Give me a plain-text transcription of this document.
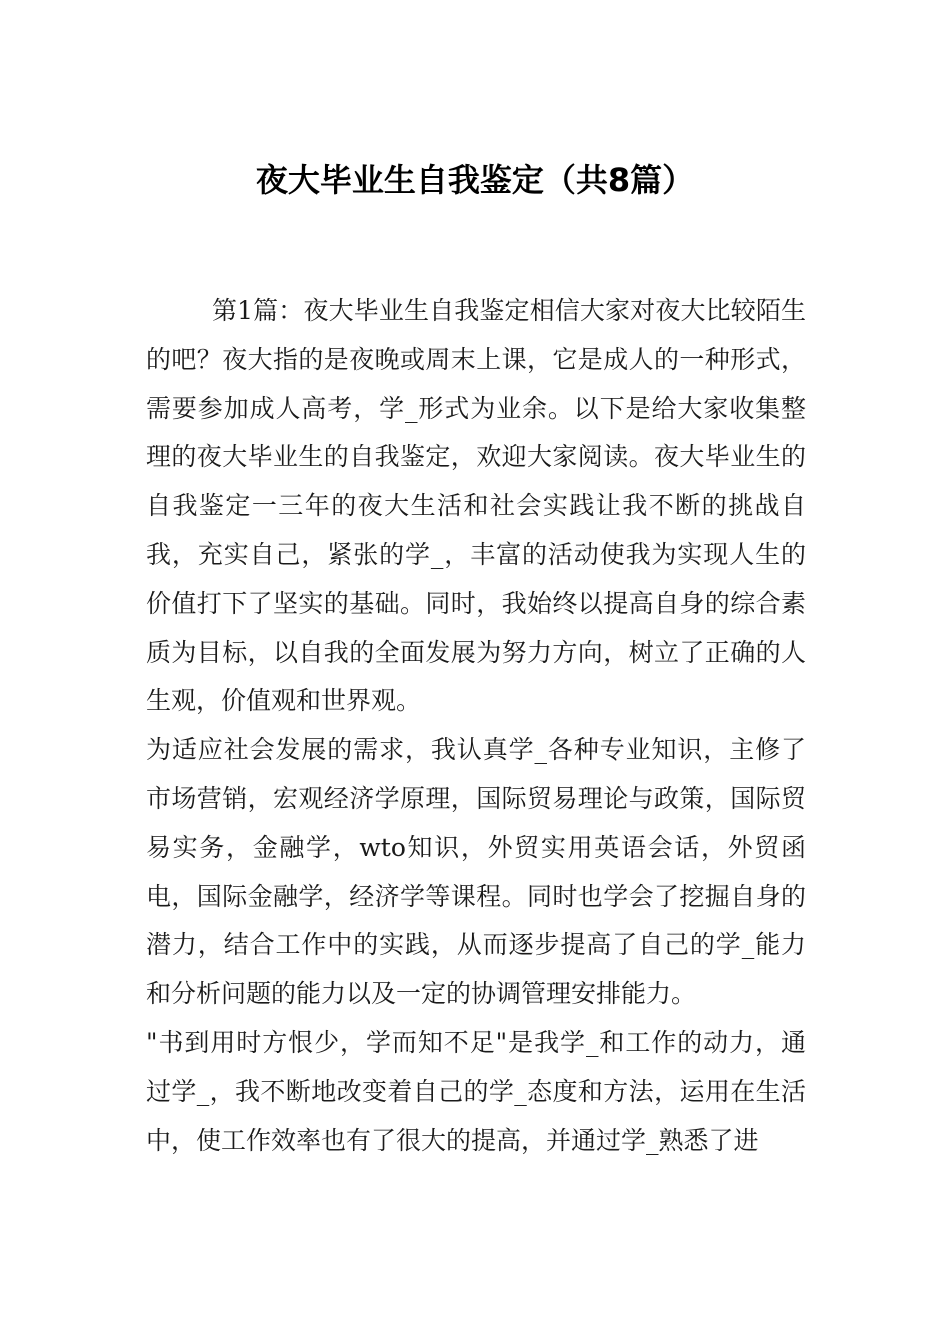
夜大毕业生自我鉴定（共8篇）

第1篇：夜大毕业生自我鉴定相信大家对夜大比较陌生的吧？夜大指的是夜晚或周末上课，它是成人的一种形式，需要参加成人高考，学_形式为业余。以下是给大家收集整理的夜大毕业生的自我鉴定，欢迎大家阅读。夜大毕业生的自我鉴定一三年的夜大生活和社会实践让我不断的挑战自我，充实自己，紧张的学_，丰富的活动使我为实现人生的价值打下了坚实的基础。同时，我始终以提高自身的综合素质为目标，以自我的全面发展为努力方向，树立了正确的人生观，价值观和世界观。

为适应社会发展的需求，我认真学_各种专业知识，主修了市场营销，宏观经济学原理，国际贸易理论与政策，国际贸易实务，金融学，wto知识，外贸实用英语会话，外贸函电，国际金融学，经济学等课程。同时也学会了挖掘自身的潜力，结合工作中的实践，从而逐步提高了自己的学_能力和分析问题的能力以及一定的协调管理安排能力。

"书到用时方恨少，学而知不足"是我学_和工作的动力，通过学_，我不断地改变着自己的学_态度和方法，运用在生活中，使工作效率也有了很大的提高，并通过学_熟悉了进
